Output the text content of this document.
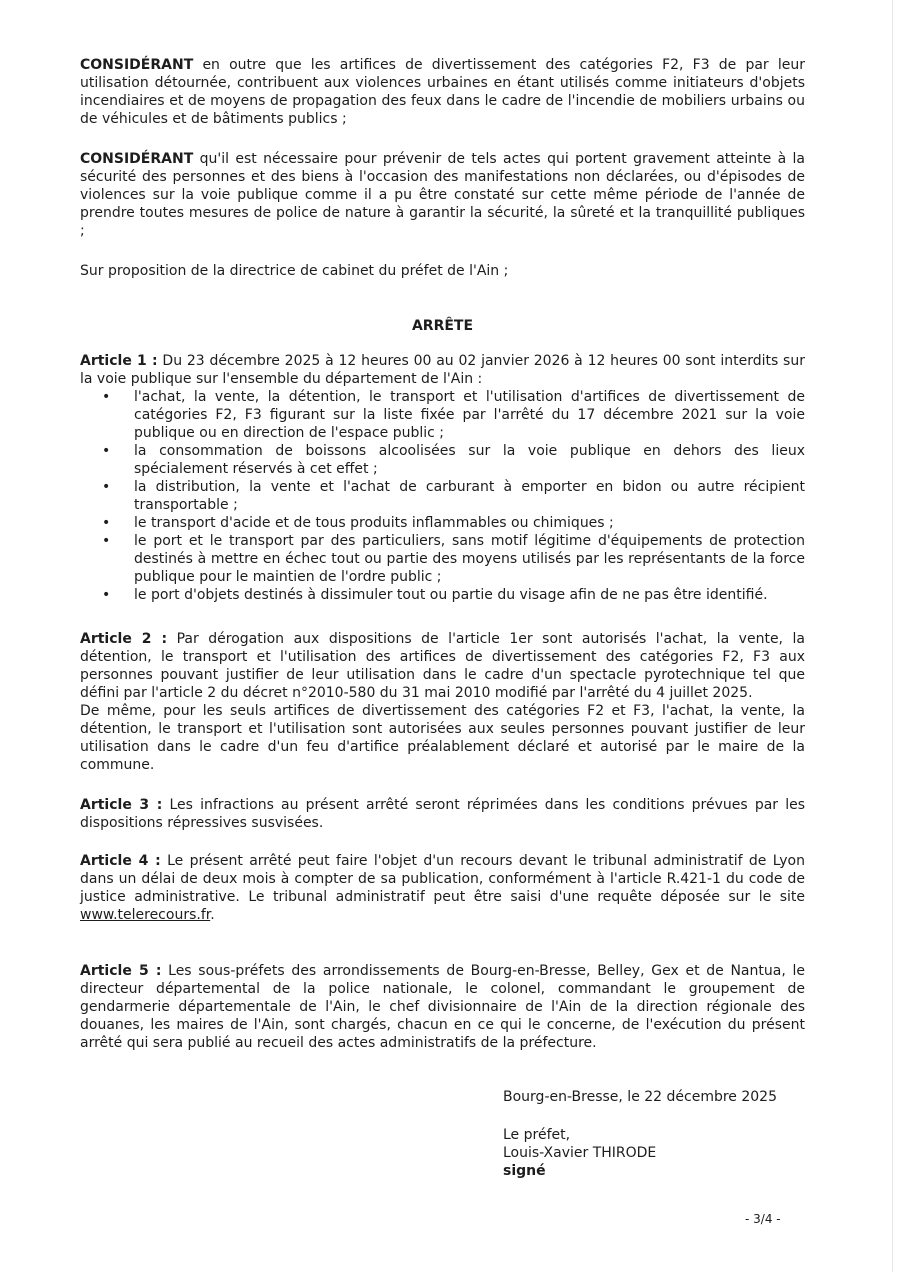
CONSIDÉRANT en outre que les artifices de divertissement des catégories F2, F3 de par leur utilisation détournée, contribuent aux violences urbaines en étant utilisés comme initiateurs d'objets incendiaires et de moyens de propagation des feux dans le cadre de l'incendie de mobiliers urbains ou de véhicules et de bâtiments publics ;

CONSIDÉRANT qu'il est nécessaire pour prévenir de tels actes qui portent gravement atteinte à la sécurité des personnes et des biens à l'occasion des manifestations non déclarées, ou d'épisodes de violences sur la voie publique comme il a pu être constaté sur cette même période de l'année de prendre toutes mesures de police de nature à garantir la sécurité, la sûreté et la tranquillité publiques ;

Sur proposition de la directrice de cabinet du préfet de l'Ain ;

ARRÊTE

Article 1 : Du 23 décembre 2025 à 12 heures 00 au 02 janvier 2026 à 12 heures 00 sont interdits sur la voie publique sur l'ensemble du département de l'Ain :

• l'achat, la vente, la détention, le transport et l'utilisation d'artifices de divertissement de catégories F2, F3 figurant sur la liste fixée par l'arrêté du 17 décembre 2021 sur la voie publique ou en direction de l'espace public ;
• la consommation de boissons alcoolisées sur la voie publique en dehors des lieux spécialement réservés à cet effet ;
• la distribution, la vente et l'achat de carburant à emporter en bidon ou autre récipient transportable ;
• le transport d'acide et de tous produits inflammables ou chimiques ;
• le port et le transport par des particuliers, sans motif légitime d'équipements de protection destinés à mettre en échec tout ou partie des moyens utilisés par les représentants de la force publique pour le maintien de l'ordre public ;
• le port d'objets destinés à dissimuler tout ou partie du visage afin de ne pas être identifié.

Article 2 : Par dérogation aux dispositions de l'article 1er sont autorisés l'achat, la vente, la détention, le transport et l'utilisation des artifices de divertissement des catégories F2, F3 aux personnes pouvant justifier de leur utilisation dans le cadre d'un spectacle pyrotechnique tel que défini par l'article 2 du décret n°2010-580 du 31 mai 2010 modifié par l'arrêté du 4 juillet 2025.

De même, pour les seuls artifices de divertissement des catégories F2 et F3, l'achat, la vente, la détention, le transport et l'utilisation sont autorisées aux seules personnes pouvant justifier de leur utilisation dans le cadre d'un feu d'artifice préalablement déclaré et autorisé par le maire de la commune.

Article 3 : Les infractions au présent arrêté seront réprimées dans les conditions prévues par les dispositions répressives susvisées.

Article 4 : Le présent arrêté peut faire l'objet d'un recours devant le tribunal administratif de Lyon dans un délai de deux mois à compter de sa publication, conformément à l'article R.421-1 du code de justice administrative. Le tribunal administratif peut être saisi d'une requête déposée sur le site www.telerecours.fr.

Article 5 : Les sous-préfets des arrondissements de Bourg-en-Bresse, Belley, Gex et de Nantua, le directeur départemental de la police nationale, le colonel, commandant le groupement de gendarmerie départementale de l'Ain, le chef divisionnaire de l'Ain de la direction régionale des douanes, les maires de l'Ain, sont chargés, chacun en ce qui le concerne, de l'exécution du présent arrêté qui sera publié au recueil des actes administratifs de la préfecture.

Bourg-en-Bresse, le 22 décembre 2025
Le préfet,
Louis-Xavier THIRODE
signé
- 3/4 -
